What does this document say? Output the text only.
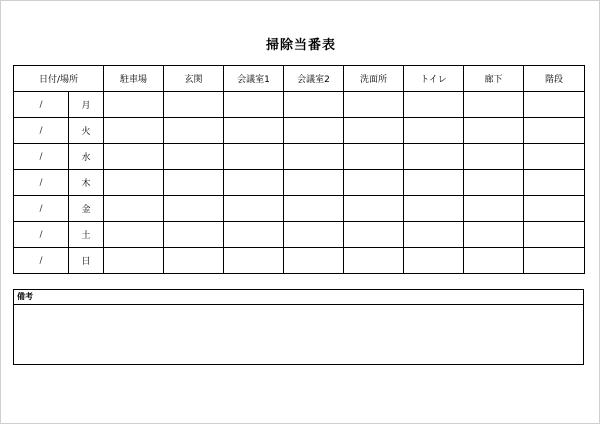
掃除当番表
日付/場所		駐車場	玄関	会議室1	会議室2	洗面所	トイレ	廊下	階段
/	月								
/	火								
/	水								
/	木								
/	金								
/	土								
/	日								
備考
